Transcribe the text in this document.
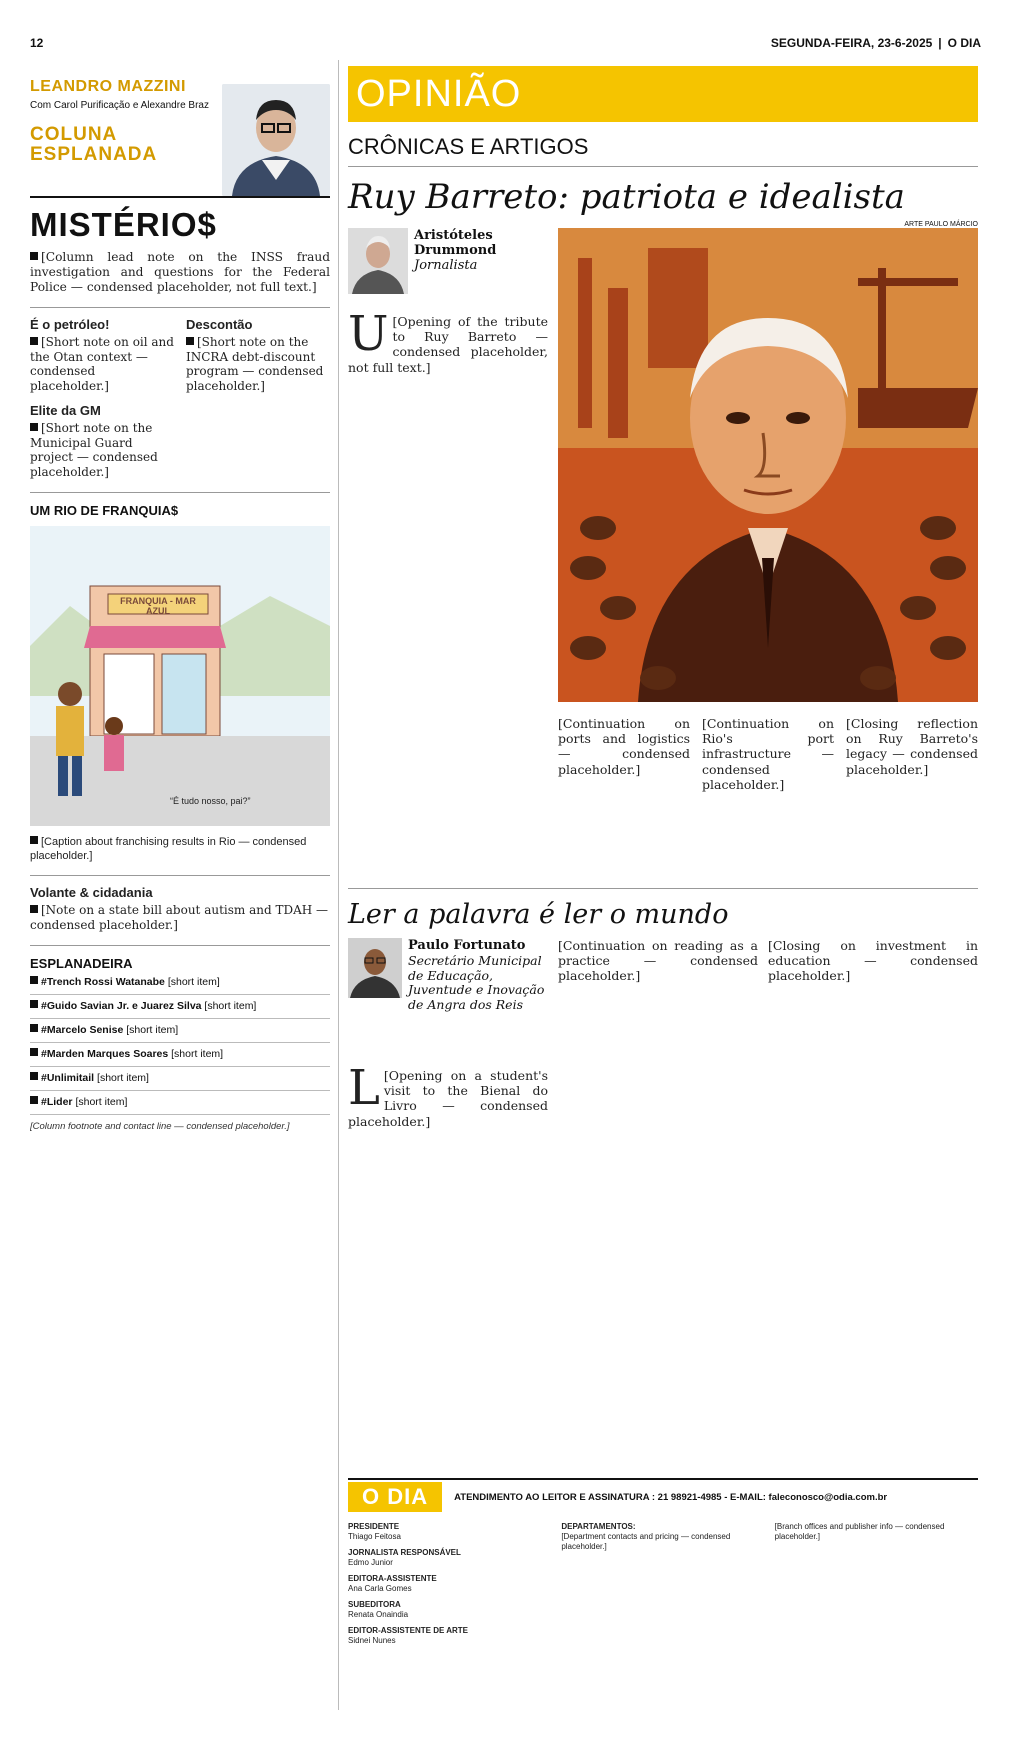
12	SEGUNDA-FEIRA, 23-6-2025 | O DIA
LEANDRO MAZZINI
Com Carol Purificação e Alexandre Braz
COLUNA
ESPLANADA
MISTÉRIO$
[Column lead note on the INSS fraud investigation and questions for the Federal Police — condensed placeholder, not full text.]
É o petróleo!
[Short note on oil and the Otan context — condensed placeholder.]
Elite da GM
[Short note on the Municipal Guard project — condensed placeholder.]
Descontão
[Short note on the INCRA debt-discount program — condensed placeholder.]
UM RIO DE FRANQUIA$
FRANQUIA - MAR AZUL
“É tudo nosso, pai?”
[Caption about franchising results in Rio — condensed placeholder.]
Volante & cidadania
[Note on a state bill about autism and TDAH — condensed placeholder.]
ESPLANADEIRA
#Trench Rossi Watanabe [short item]
#Guido Savian Jr. e Juarez Silva [short item]
#Marcelo Senise [short item]
#Marden Marques Soares [short item]
#Unlimitail [short item]
#Lider [short item]
[Column footnote and contact line — condensed placeholder.]
OPINIÃO
CRÔNICAS E ARTIGOS
Ruy Barreto: patriota e idealista
ARTE PAULO MÁRCIO
Aristóteles Drummond
Jornalista
U [Opening of the tribute to Ruy Barreto — condensed placeholder, not full text.]
[Continuation on ports and logistics — condensed placeholder.]
[Continuation on Rio's port infrastructure — condensed placeholder.]
[Closing reflection on Ruy Barreto's legacy — condensed placeholder.]
Ler a palavra é ler o mundo
Paulo Fortunato
Secretário Municipal de Educação, Juventude e Inovação de Angra dos Reis
L [Opening on a student's visit to the Bienal do Livro — condensed placeholder.]
[Continuation on reading as a practice — condensed placeholder.]
[Closing on investment in education — condensed placeholder.]
O DIA	ATENDIMENTO AO LEITOR E ASSINATURA : 21 98921-4985 - E-MAIL: faleconosco@odia.com.br
PRESIDENTE
Thiago Feitosa
JORNALISTA RESPONSÁVEL
Edmo Junior
EDITORA-ASSISTENTE
Ana Carla Gomes
SUBEDITORA
Renata Onaindia
EDITOR-ASSISTENTE DE ARTE
Sidnei Nunes
DEPARTAMENTOS:
[Department contacts and pricing — condensed placeholder.]
[Branch offices and publisher info — condensed placeholder.]
